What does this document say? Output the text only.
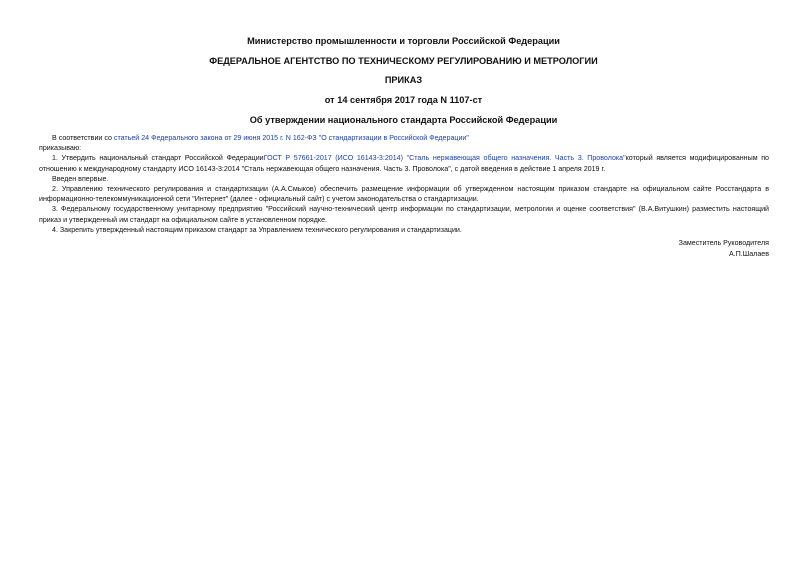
Министерство промышленности и торговли Российской Федерации
ФЕДЕРАЛЬНОЕ АГЕНТСТВО ПО ТЕХНИЧЕСКОМУ РЕГУЛИРОВАНИЮ И МЕТРОЛОГИИ
ПРИКАЗ
от 14 сентября 2017 года N 1107-ст
Об утверждении национального стандарта Российской Федерации

В соответствии со статьей 24 Федерального закона от 29 июня 2015 г. N 162-ФЗ "О стандартизации в Российской Федерации"

приказываю:

1. Утвердить национальный стандарт Российской ФедерацииГОСТ Р 57661-2017 (ИСО 16143-3:2014) "Сталь нержавеющая общего назначения. Часть 3. Проволока"который является модифицированным по отношению к международному стандарту ИСО 16143-3:2014 "Сталь нержавеющая общего назначения. Часть 3. Проволока", с датой введения в действие 1 апреля 2019 г.

Введен впервые.

2. Управлению технического регулирования и стандартизации (А.А.Смыков) обеспечить размещение информации об утвержденном настоящим приказом стандарте на официальном сайте Росстандарта в информационно-телекоммуникационной сети "Интернет" (далее - официальный сайт) с учетом законодательства о стандартизации.

3. Федеральному государственному унитарному предприятию "Российский научно-технический центр информации по стандартизации, метрологии и оценке соответствия" (В.А.Витушкин) разместить настоящий приказ и утвержденный им стандарт на официальном сайте в установленном порядке.

4. Закрепить утвержденный настоящим приказом стандарт за Управлением технического регулирования и стандартизации.

Заместитель Руководителя
А.П.Шалаев
